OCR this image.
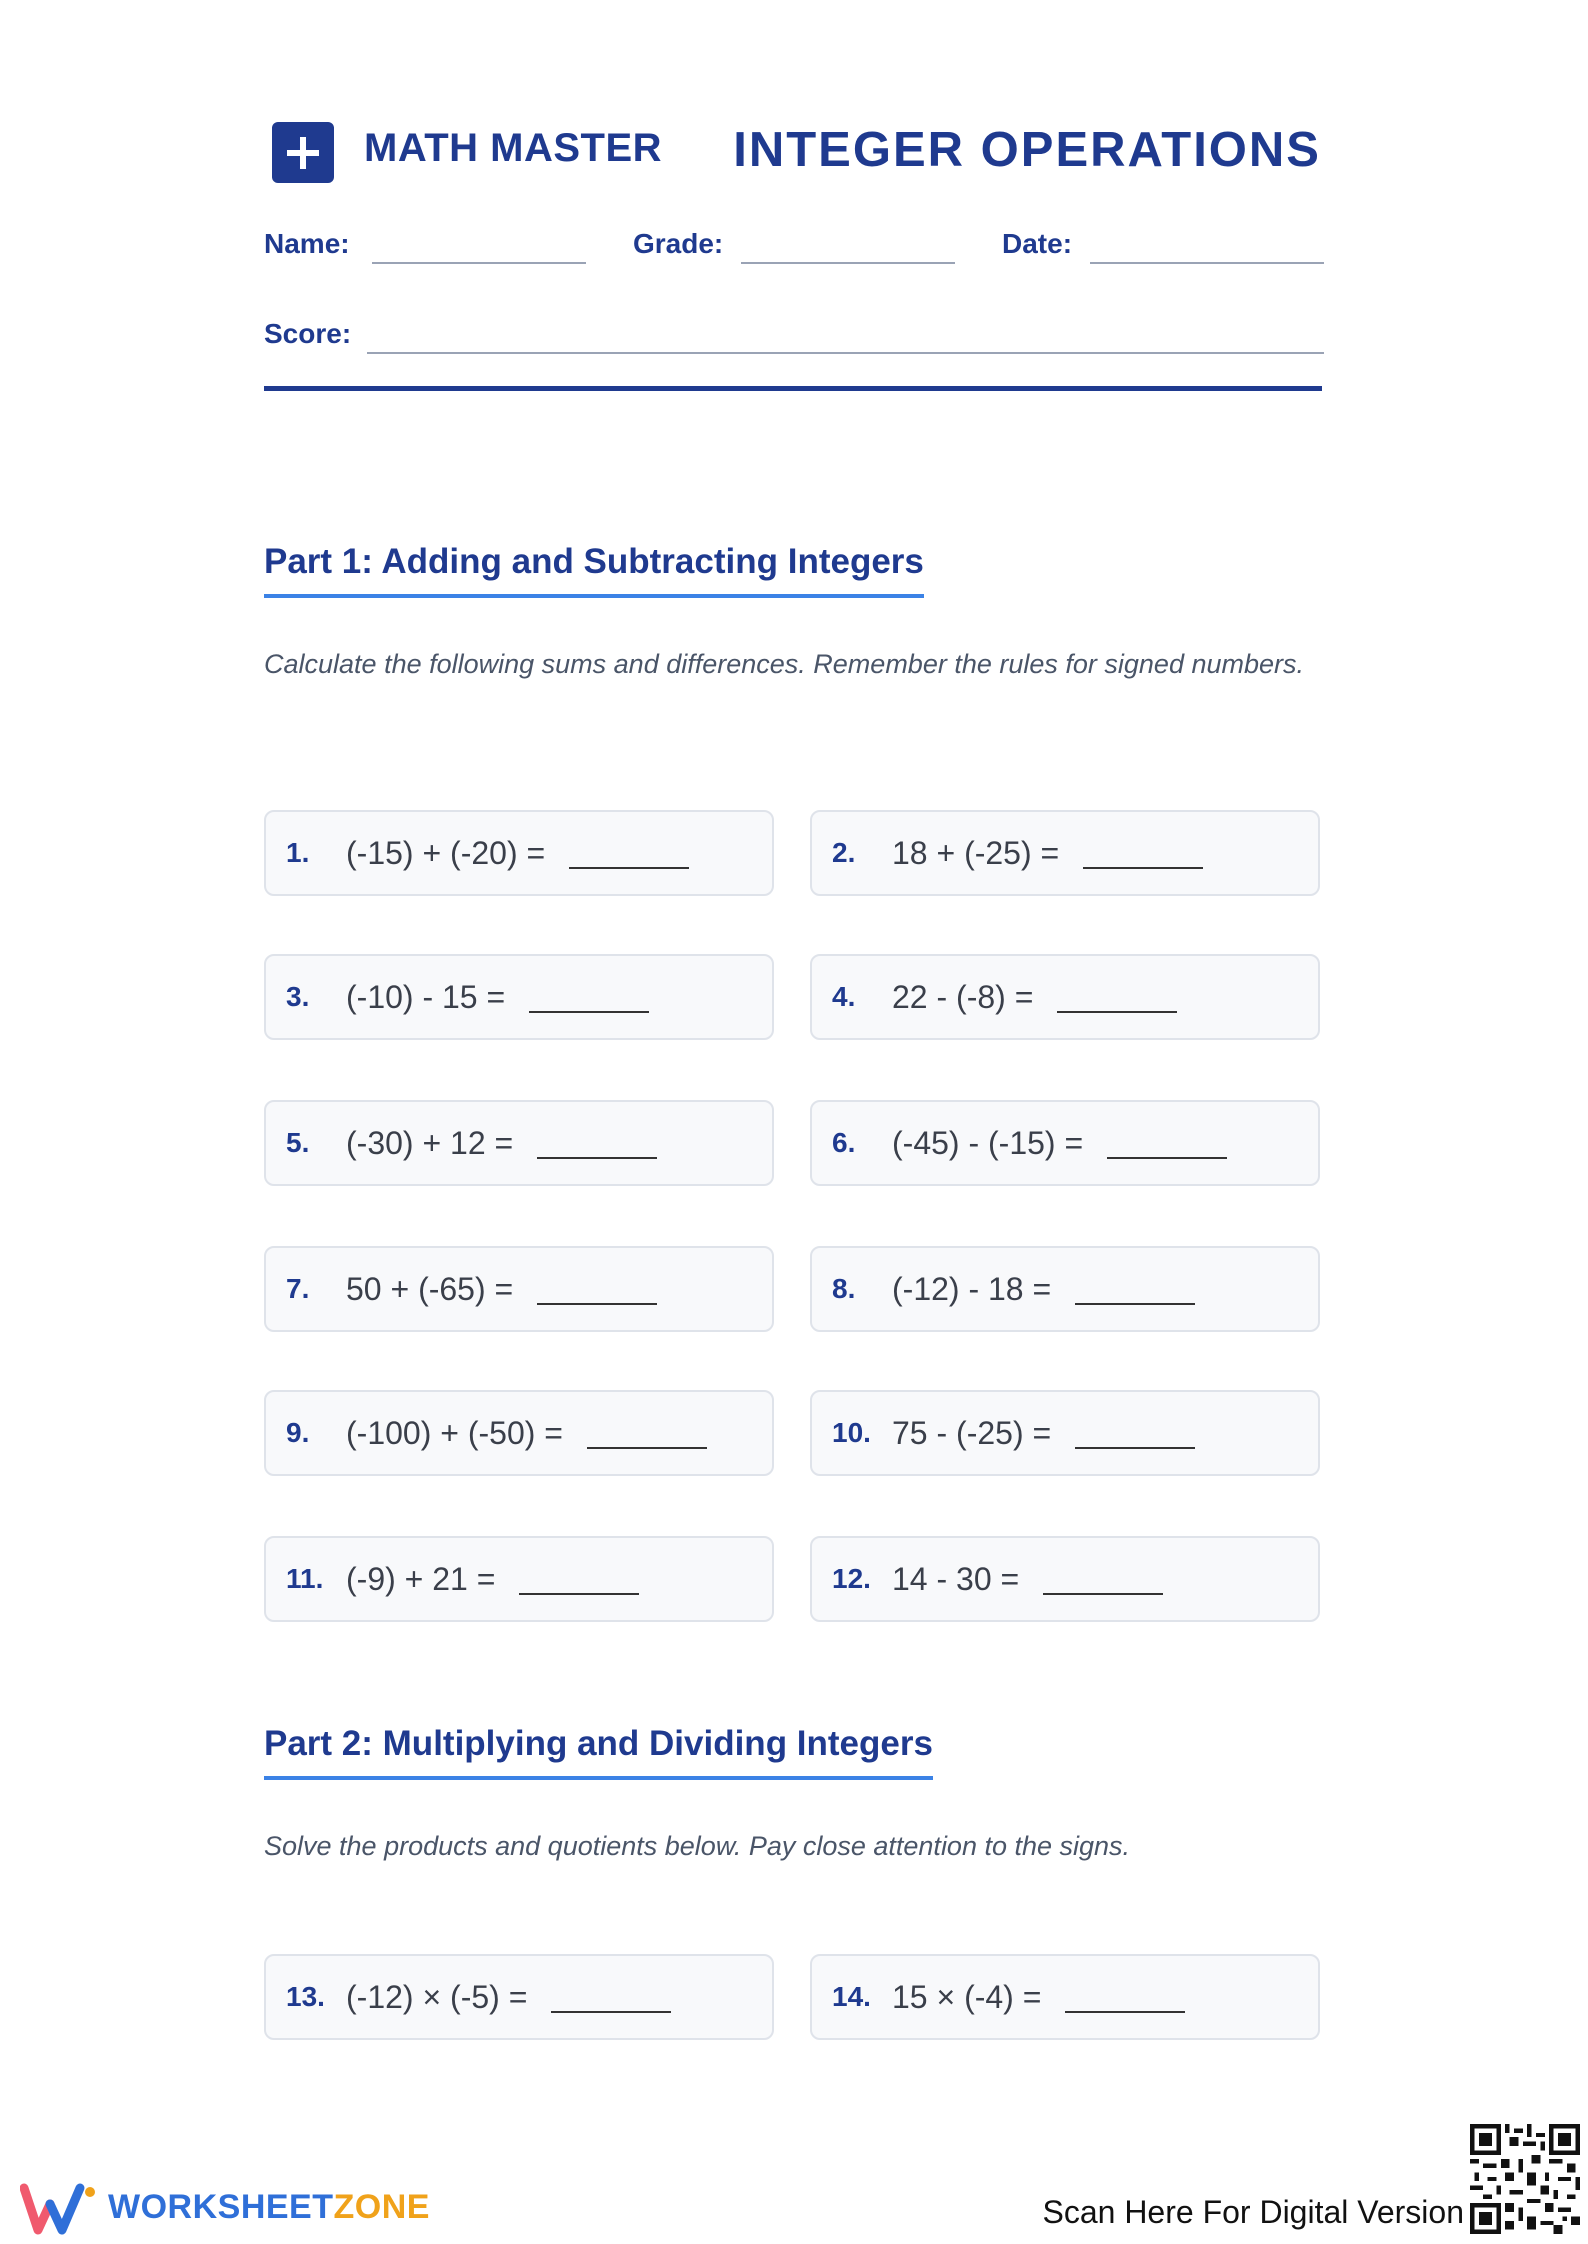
MATH MASTER INTEGER OPERATIONS
Name:	Grade:	Date:
Score:
Part 1: Adding and Subtracting Integers
Calculate the following sums and differences. Remember the rules for signed numbers.
1.	(-15) + (-20) =	2.	18 + (-25) =
3.	(-10) - 15 =	4.	22 - (-8) =
5.	(-30) + 12 =	6.	(-45) - (-15) =
7.	50 + (-65) =	8.	(-12) - 18 =
9.	(-100) + (-50) =	10. 75 - (-25) =
11. (-9) + 21 =	12. 14 - 30 =
Part 2: Multiplying and Dividing Integers
Solve the products and quotients below. Pay close attention to the signs.
13. (-12) × (-5) =	14. 15 × (-4) =
WORKSHEETZONE	Scan Here For Digital Version
